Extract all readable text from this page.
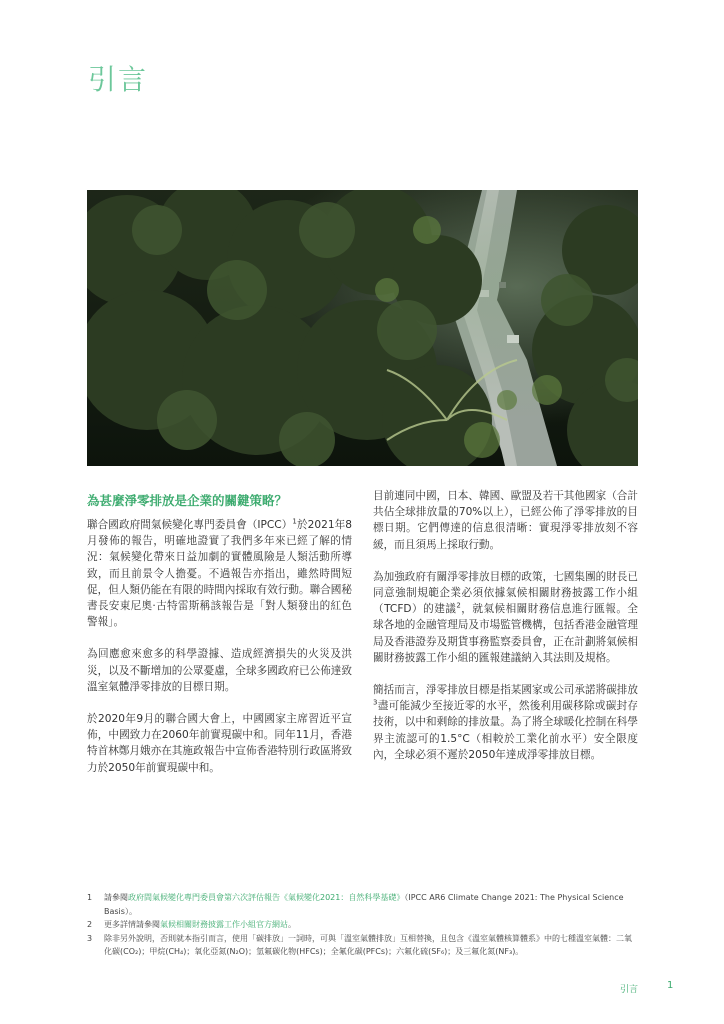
引言
為甚麼淨零排放是企業的關鍵策略？

聯合國政府間氣候變化專門委員會（IPCC）$^1$於2021年8月發佈的報告，明確地證實了我們多年來已經了解的情況：氣候變化帶來日益加劇的實體風險是人類活動所導致，而且前景令人擔憂。不過報告亦指出，雖然時間短促，但人類仍能在有限的時間內採取有效行動。聯合國秘書長安東尼奧·古特雷斯稱該報告是「對人類發出的紅色警報」。

為回應愈來愈多的科學證據、造成經濟損失的火災及洪災，以及不斷增加的公眾憂慮，全球多國政府已公佈達致溫室氣體淨零排放的目標日期。

於2020年9月的聯合國大會上，中國國家主席習近平宣佈，中國致力在2060年前實現碳中和。同年11月，香港特首林鄭月娥亦在其施政報告中宣佈香港特別行政區將致力於2050年前實現碳中和。

目前連同中國，日本、韓國、歐盟及若干其他國家（合計共佔全球排放量的70%以上），已經公佈了淨零排放的目標日期。它們傳達的信息很清晰：實現淨零排放刻不容緩，而且須馬上採取行動。

為加強政府有關淨零排放目標的政策，七國集團的財長已同意強制規範企業必須依據氣候相關財務披露工作小組（TCFD）的建議$^2$，就氣候相關財務信息進行匯報。全球各地的金融管理局及市場監管機構，包括香港金融管理局及香港證券及期貨事務監察委員會，正在計劃將氣候相關財務披露工作小組的匯報建議納入其法則及規格。

簡括而言，淨零排放目標是指某國家或公司承諾將碳排放$^3$盡可能減少至接近零的水平，然後利用碳移除或碳封存技術，以中和剩餘的排放量。為了將全球暖化控制在科學界主流認可的1.5°C（相較於工業化前水平）安全限度內，全球必須不遲於2050年達成淨零排放目標。

1	請參閱政府間氣候變化專門委員會第六次評估報告《氣候變化2021：自然科學基礎》（IPCC AR6 Climate Change 2021: The Physical Science Basis）。
2	更多詳情請參閱氣候相關財務披露工作小組官方網站。
3	除非另外說明，否則就本指引而言，使用「碳排放」一詞時，可與「溫室氣體排放」互相替換，且包含《溫室氣體核算體系》中的七種溫室氣體：二氧化碳(CO₂)；甲烷(CH₄)；氧化亞氮(N₂O)；氫氟碳化物(HFCs)；全氟化碳(PFCs)；六氟化硫(SF₆)；及三氟化氮(NF₃)。
引言	1
